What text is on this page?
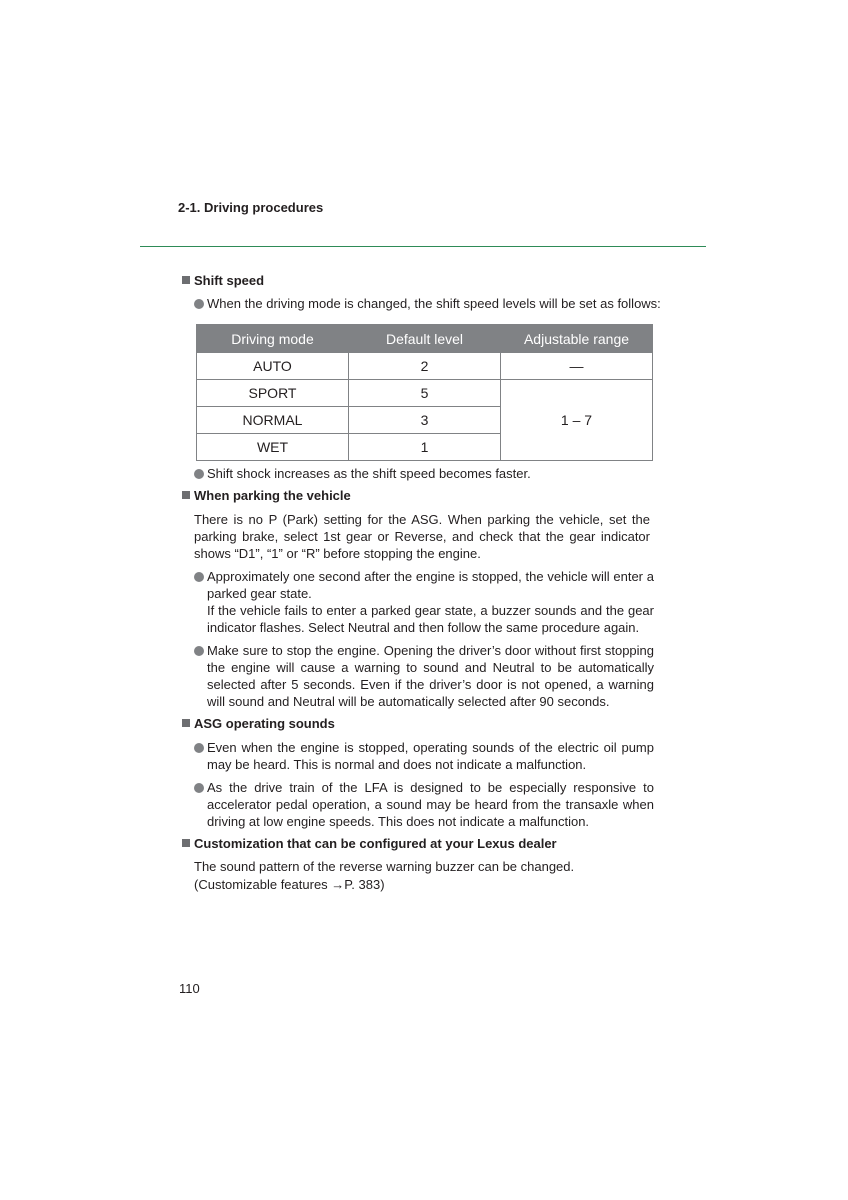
2-1. Driving procedures
Shift speed
When the driving mode is changed, the shift speed levels will be set as follows:
Driving mode	Default level	Adjustable range
AUTO	2	—
SPORT	5	1 – 7
NORMAL	3	
WET	1	
Shift shock increases as the shift speed becomes faster.
When parking the vehicle
There is no P (Park) setting for the ASG. When parking the vehicle, set the parking brake, select 1st gear or Reverse, and check that the gear indicator shows “D1”, “1” or “R” before stopping the engine.
Approximately one second after the engine is stopped, the vehicle will enter a parked gear state.
If the vehicle fails to enter a parked gear state, a buzzer sounds and the gear indicator flashes. Select Neutral and then follow the same procedure again.
Make sure to stop the engine. Opening the driver’s door without first stopping the engine will cause a warning to sound and Neutral to be automatically selected after 5 seconds. Even if the driver’s door is not opened, a warning will sound and Neutral will be automatically selected after 90 seconds.
ASG operating sounds
Even when the engine is stopped, operating sounds of the electric oil pump may be heard. This is normal and does not indicate a malfunction.
As the drive train of the LFA is designed to be especially responsive to accelerator pedal operation, a sound may be heard from the transaxle when driving at low engine speeds. This does not indicate a malfunction.
Customization that can be configured at your Lexus dealer
The sound pattern of the reverse warning buzzer can be changed.
(Customizable features →P. 383)
110
